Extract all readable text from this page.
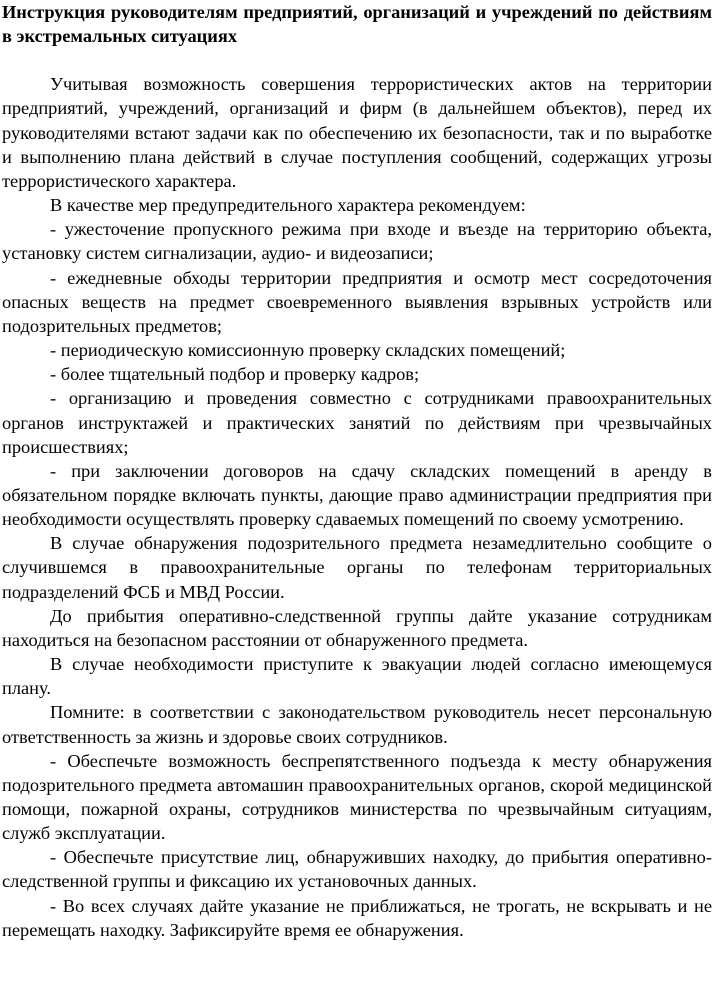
Инструкция руководителям предприятий, организаций и учреждений по действиям в экстремальных ситуациях

Учитывая возможность совершения террористических актов на территории предприятий, учреждений, организаций и фирм (в дальнейшем объектов), перед их руководителями встают задачи как по обеспечению их безопасности, так и по выработке и выполнению плана действий в случае поступления сообщений, содержащих угрозы террористического характера.

В качестве мер предупредительного характера рекомендуем:

- ужесточение пропускного режима при входе и въезде на территорию объекта, установку систем сигнализации, аудио- и видеозаписи;

- ежедневные обходы территории предприятия и осмотр мест сосредоточения опасных веществ на предмет своевременного выявления взрывных устройств или подозрительных предметов;

- периодическую комиссионную проверку складских помещений;

- более тщательный подбор и проверку кадров;

- организацию и проведения совместно с сотрудниками правоохранительных органов инструктажей и практических занятий по действиям при чрезвычайных происшествиях;

- при заключении договоров на сдачу складских помещений в аренду в обязательном порядке включать пункты, дающие право администрации предприятия при необходимости осуществлять проверку сдаваемых помещений по своему усмотрению.

В случае обнаружения подозрительного предмета незамедлительно сообщите о случившемся в правоохранительные органы по телефонам территориальных подразделений ФСБ и МВД России.

До прибытия оперативно-следственной группы дайте указание сотрудникам находиться на безопасном расстоянии от обнаруженного предмета.

В случае необходимости приступите к эвакуации людей согласно имеющемуся плану.

Помните: в соответствии с законодательством руководитель несет персональную ответственность за жизнь и здоровье своих сотрудников.

- Обеспечьте возможность беспрепятственного подъезда к месту обнаружения подозрительного предмета автомашин правоохранительных органов, скорой медицинской помощи, пожарной охраны, сотрудников министерства по чрезвычайным ситуациям, служб эксплуатации.

- Обеспечьте присутствие лиц, обнаруживших находку, до прибытия оперативно-следственной группы и фиксацию их установочных данных.

- Во всех случаях дайте указание не приближаться, не трогать, не вскрывать и не перемещать находку. Зафиксируйте время ее обнаружения.
